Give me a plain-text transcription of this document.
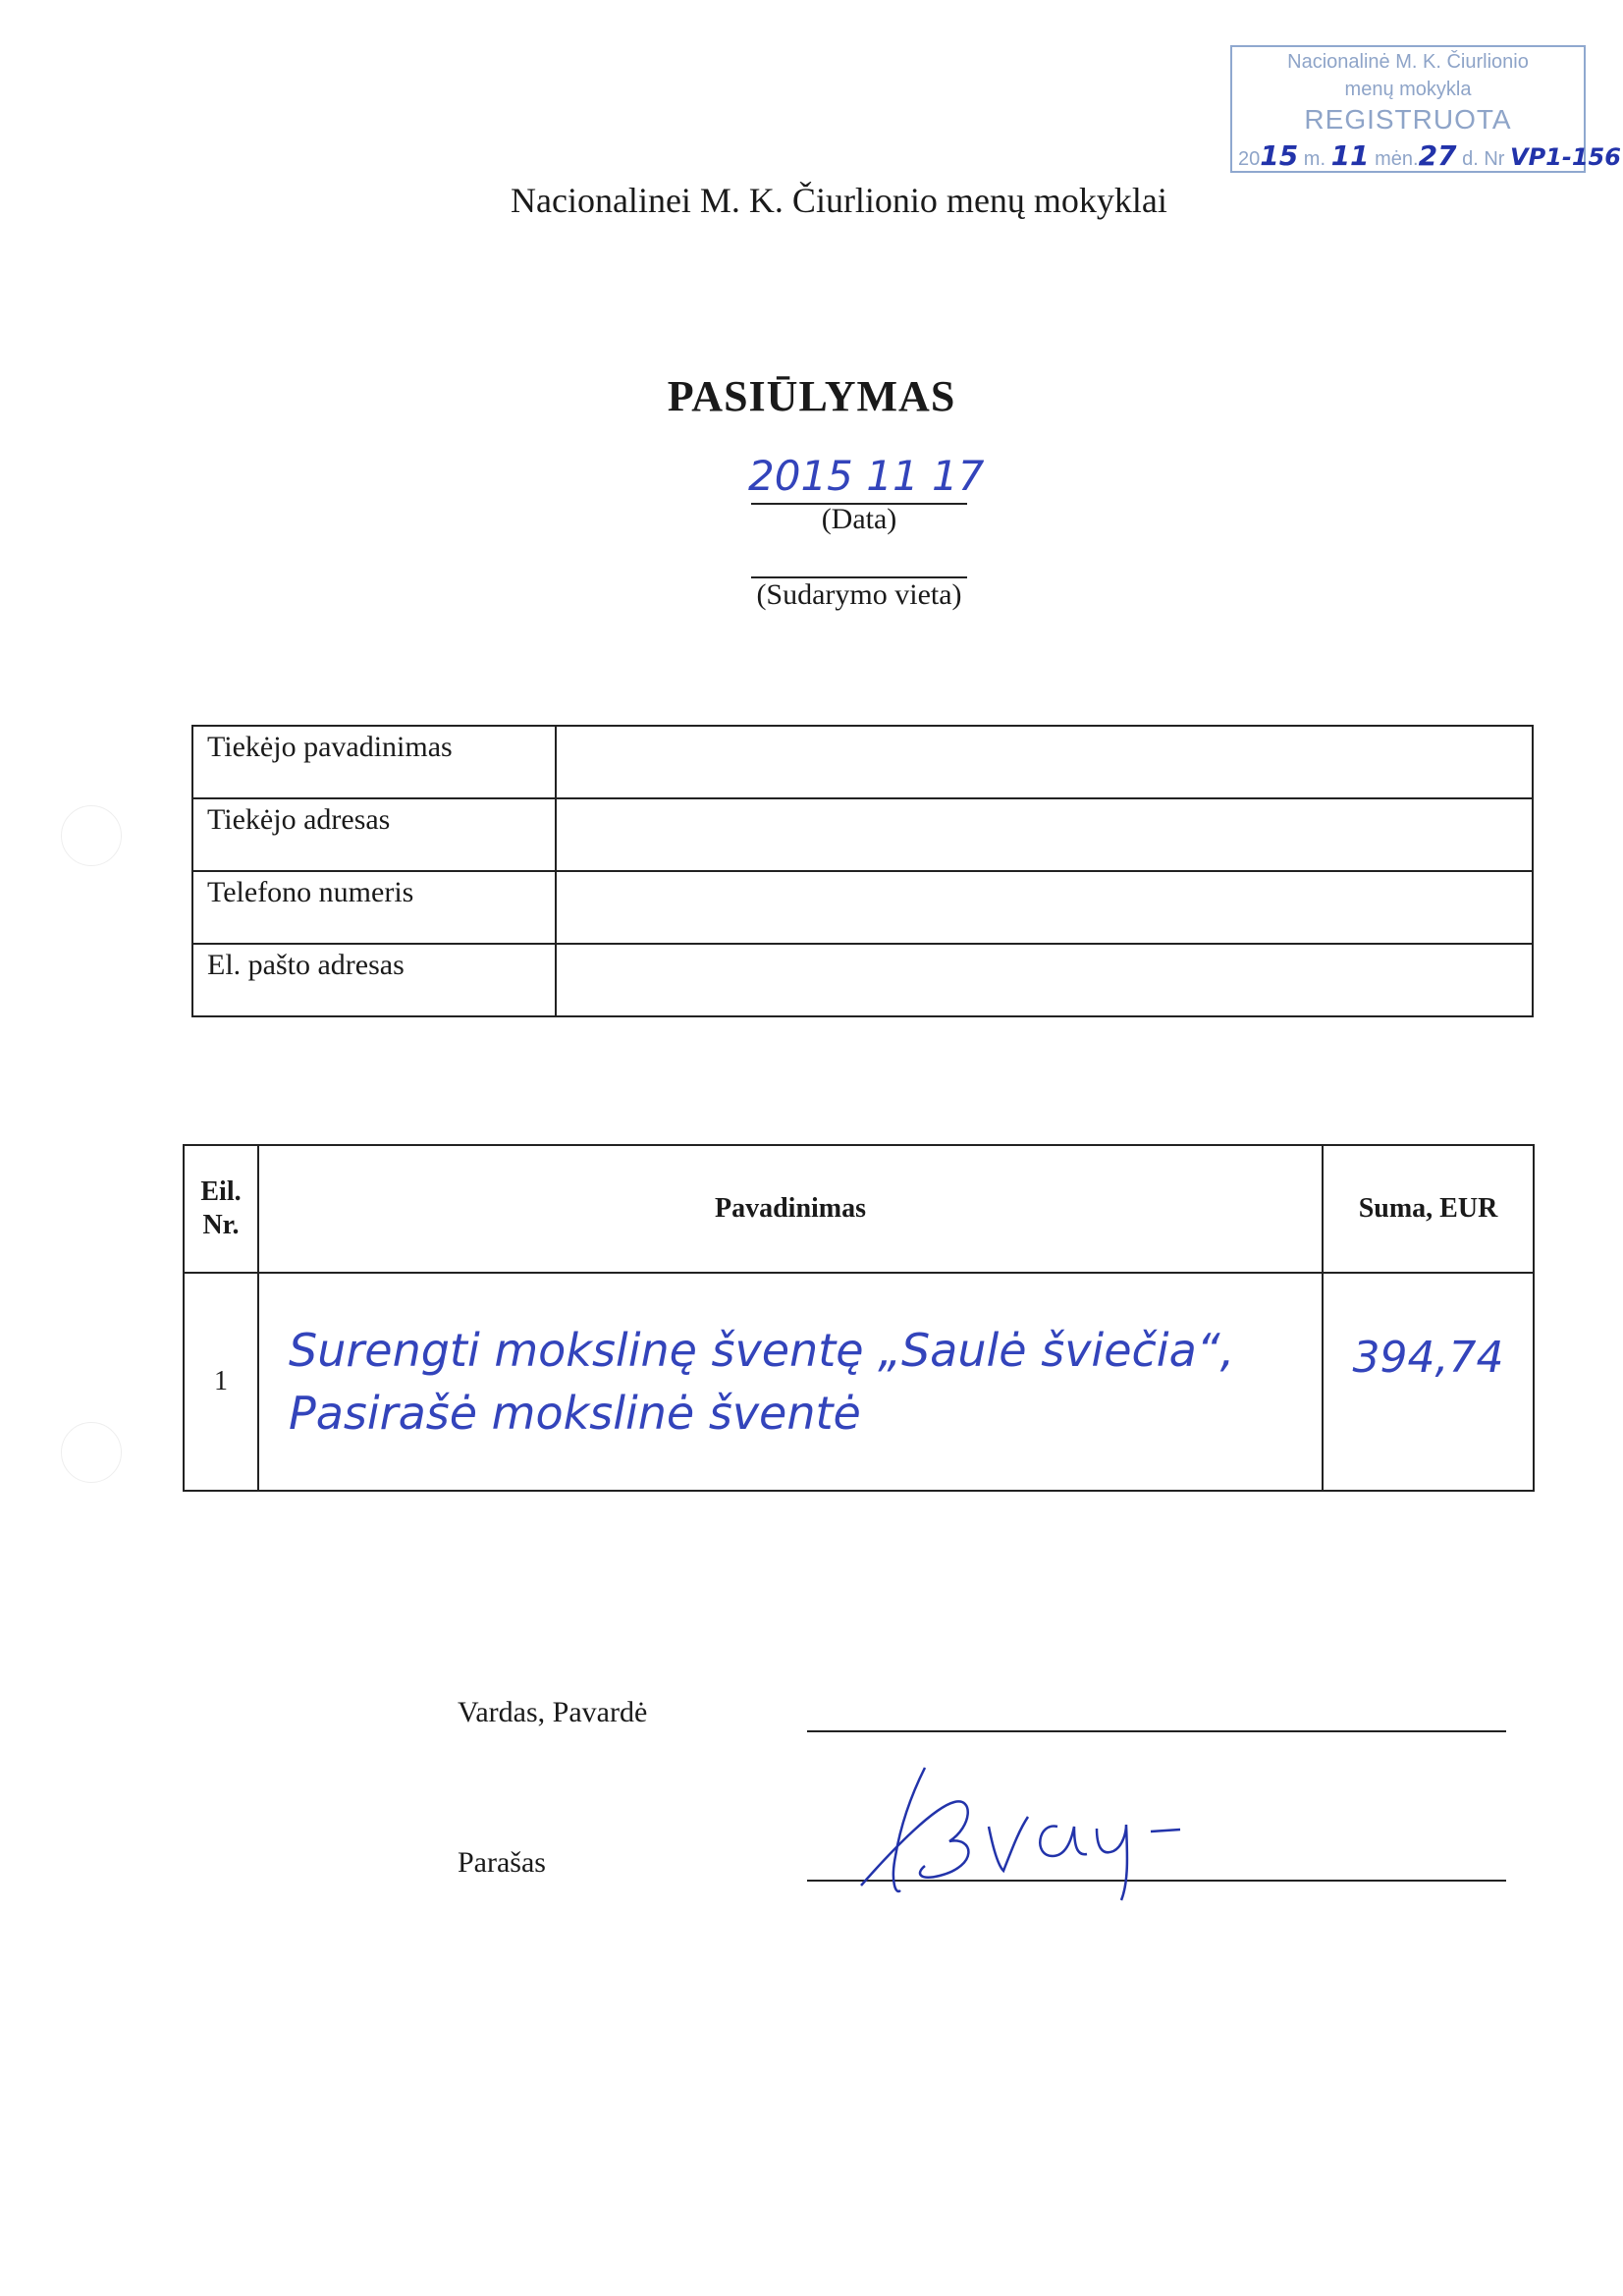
Nacionalinė M. K. Čiurlionio
menų mokykla
REGISTRUOTA
2015 m. 11 mėn.27 d. Nr VP1-156
Nacionalinei M. K. Čiurlionio menų mokyklai
PASIŪLYMAS
2015 11 17
(Data)
(Sudarymo vieta)
Tiekėjo pavadinimas	
Tiekėjo adresas	
Telefono numeris	
El. pašto adresas	
Eil. Nr.	Pavadinimas	Suma, EUR
1	Surengti mokslinę šventę „Saulė šviečia“, Pasirašė mokslinė šventė	394,74
Vardas, Pavardė
Parašas
